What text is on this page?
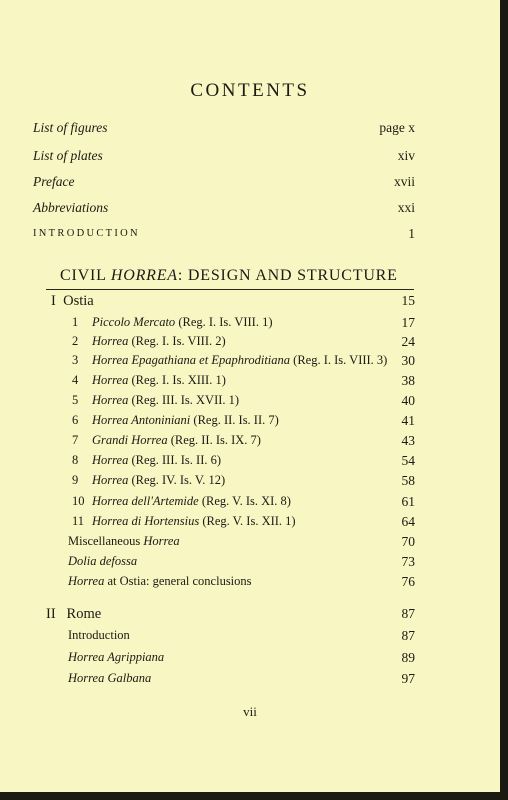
CONTENTS
List of figures	page x
List of plates	xiv
Preface	xvii
Abbreviations	xxi
INTRODUCTION	1
CIVIL HORREA: DESIGN AND STRUCTURE
I Ostia	15
1 Piccolo Mercato (Reg. I. Is. VIII. 1)	17
2 Horrea (Reg. I. Is. VIII. 2)	24
3 Horrea Epagathiana et Epaphroditiana (Reg. I. Is. VIII. 3) 30
4 Horrea (Reg. I. Is. XIII. 1)	38
5 Horrea (Reg. III. Is. XVII. 1)	40
6 Horrea Antoniniani (Reg. II. Is. II. 7)	41
7 Grandi Horrea (Reg. II. Is. IX. 7)	43
8 Horrea (Reg. III. Is. II. 6)	54
9 Horrea (Reg. IV. Is. V. 12)	58
10 Horrea dell'Artemide (Reg. V. Is. XI. 8)	61
11 Horrea di Hortensius (Reg. V. Is. XII. 1)	64
Miscellaneous Horrea	70
Dolia defossa	73
Horrea at Ostia: general conclusions	76
II Rome	87
Introduction	87
Horrea Agrippiana	89
Horrea Galbana	97
vii
